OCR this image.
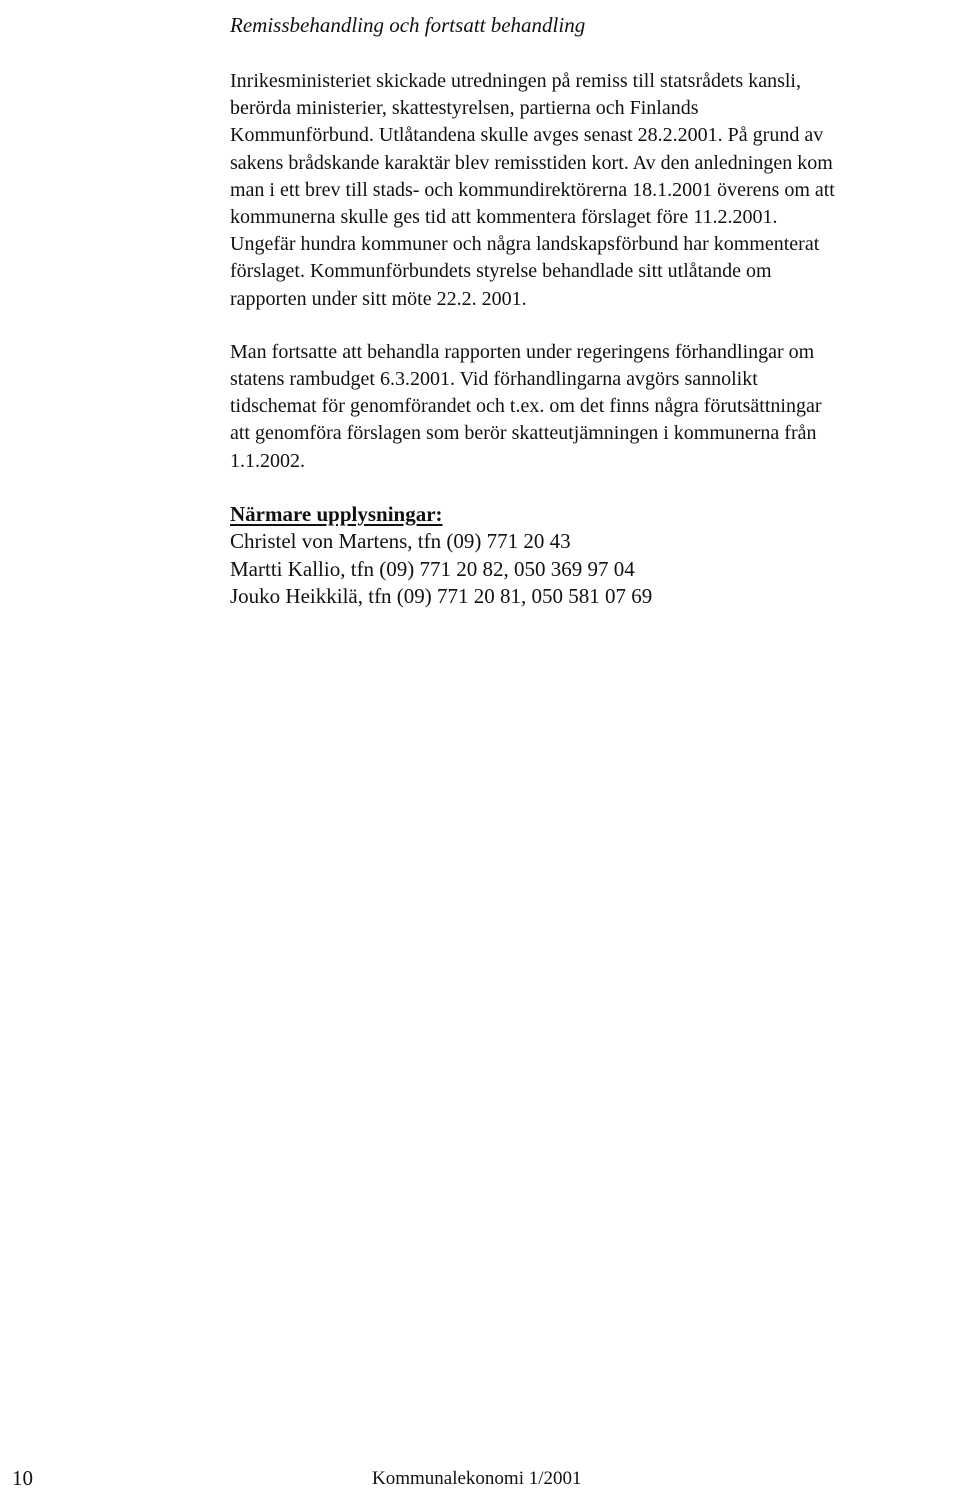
Remissbehandling och fortsatt behandling
Inrikesministeriet skickade utredningen på remiss till statsrådets kansli,
berörda ministerier, skattestyrelsen, partierna och Finlands
Kommunförbund. Utlåtandena skulle avges senast 28.2.2001. På grund av
sakens brådskande karaktär blev remisstiden kort. Av den anledningen kom
man i ett brev till stads- och kommundirektörerna 18.1.2001 överens om att
kommunerna skulle ges tid att kommentera förslaget före 11.2.2001.
Ungefär hundra kommuner och några landskapsförbund har kommenterat
förslaget. Kommunförbundets styrelse behandlade sitt utlåtande om
rapporten under sitt möte 22.2. 2001.
Man fortsatte att behandla rapporten under regeringens förhandlingar om
statens rambudget 6.3.2001. Vid förhandlingarna avgörs sannolikt
tidschemat för genomförandet och t.ex. om det finns några förutsättningar
att genomföra förslagen som berör skatteutjämningen i kommunerna från
1.1.2002.
Närmare upplysningar:
Christel von Martens, tfn (09) 771 20 43
Martti Kallio, tfn (09) 771 20 82, 050 369 97 04
Jouko Heikkilä, tfn (09) 771 20 81, 050 581 07 69
10	Kommunalekonomi 1/2001
